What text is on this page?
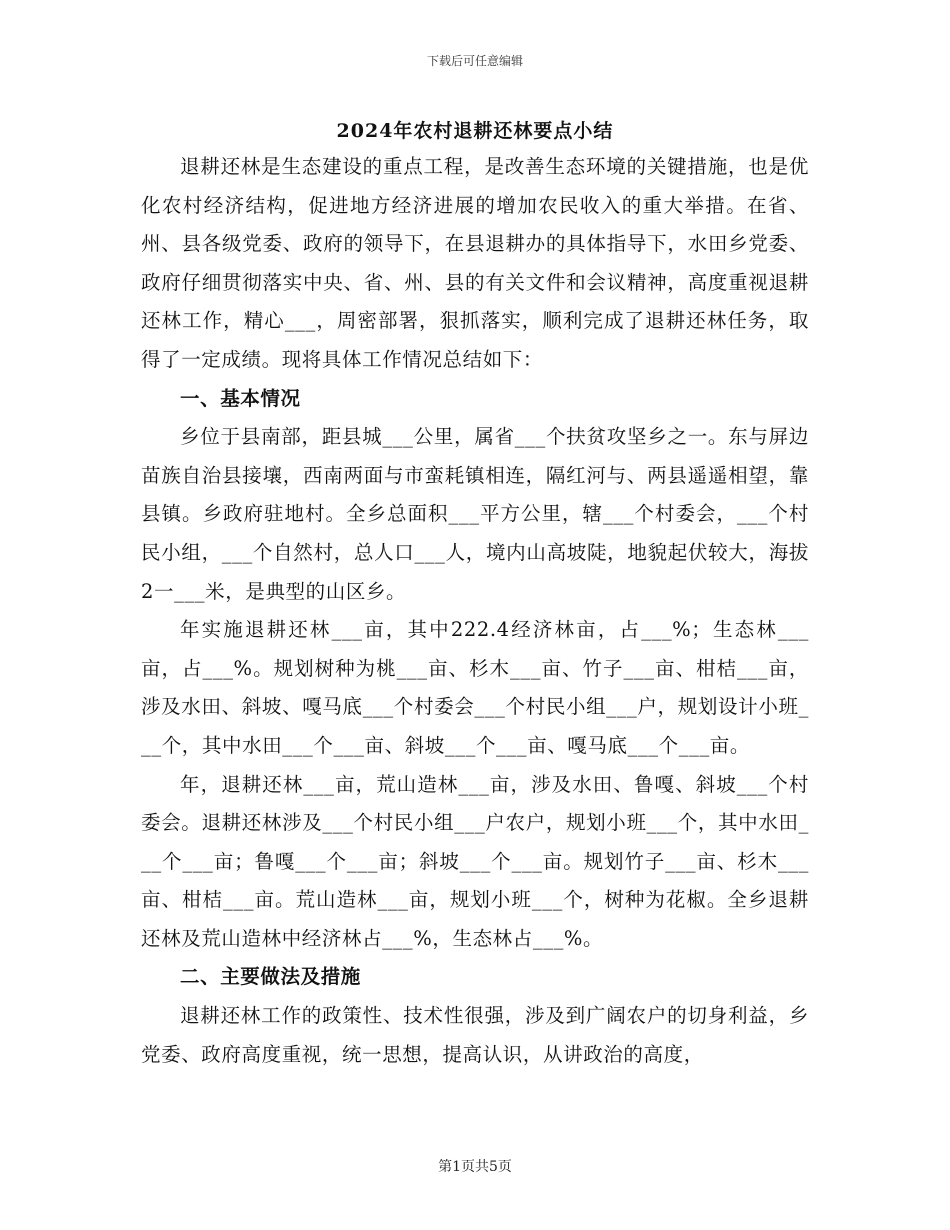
下载后可任意编辑
2024年农村退耕还林要点小结

退耕还林是生态建设的重点工程，是改善生态环境的关键措施，也是优化农村经济结构，促进地方经济进展的增加农民收入的重大举措。在省、州、县各级党委、政府的领导下，在县退耕办的具体指导下，水田乡党委、政府仔细贯彻落实中央、省、州、县的有关文件和会议精神，高度重视退耕还林工作，精心___，周密部署，狠抓落实，顺利完成了退耕还林任务，取得了一定成绩。现将具体工作情况总结如下：

一、基本情况

乡位于县南部，距县城___公里，属省___个扶贫攻坚乡之一。东与屏边苗族自治县接壤，西南两面与市蛮耗镇相连，隔红河与、两县遥遥相望，靠县镇。乡政府驻地村。全乡总面积___平方公里，辖___个村委会，___个村民小组，___个自然村，总人口___人，境内山高坡陡，地貌起伏较大，海拔2一___米，是典型的山区乡。

年实施退耕还林___亩，其中222.4经济林亩，占___%；生态林___亩，占___%。规划树种为桃___亩、杉木___亩、竹子___亩、柑桔___亩，涉及水田、斜坡、嘎马底___个村委会___个村民小组___户，规划设计小班___个，其中水田___个___亩、斜坡___个___亩、嘎马底___个___亩。

年，退耕还林___亩，荒山造林___亩，涉及水田、鲁嘎、斜坡___个村委会。退耕还林涉及___个村民小组___户农户，规划小班___个，其中水田___个___亩；鲁嘎___个___亩；斜坡___个___亩。规划竹子___亩、杉木___亩、柑桔___亩。荒山造林___亩，规划小班___个，树种为花椒。全乡退耕还林及荒山造林中经济林占___%，生态林占___%。

二、主要做法及措施

退耕还林工作的政策性、技术性很强，涉及到广阔农户的切身利益，乡党委、政府高度重视，统一思想，提高认识，从讲政治的高度，

第1页共5页
